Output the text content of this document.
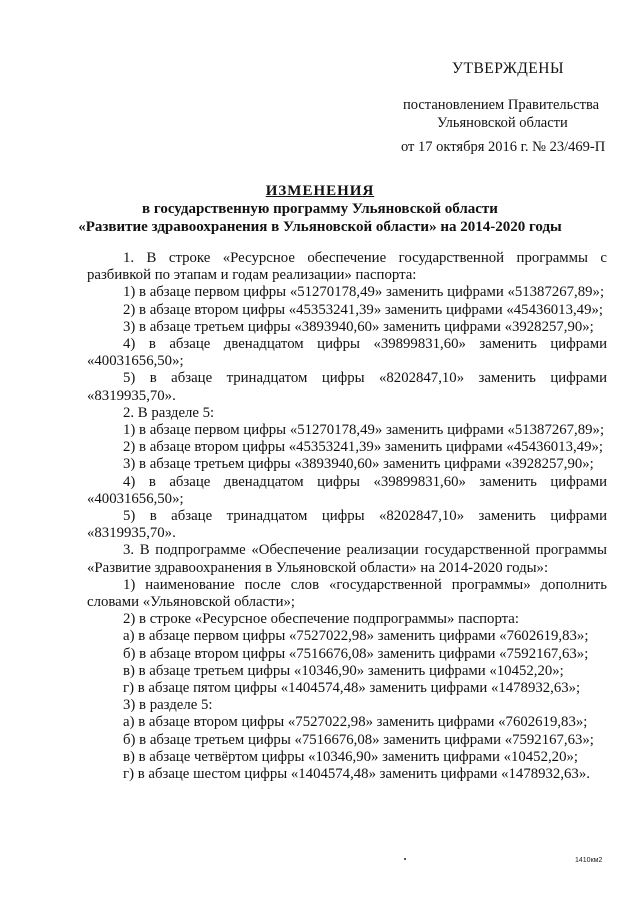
УТВЕРЖДЕНЫ
постановлением Правительства
Ульяновской области
от 17 октября 2016 г. № 23/469-П
ИЗМЕНЕНИЯ
в государственную программу Ульяновской области
«Развитие здравоохранения в Ульяновской области» на 2014-2020 годы

1. В строке «Ресурсное обеспечение государственной программы с разбивкой по этапам и годам реализации» паспорта:

1) в абзаце первом цифры «51270178,49» заменить цифрами «51387267,89»;

2) в абзаце втором цифры «45353241,39» заменить цифрами «45436013,49»;

3) в абзаце третьем цифры «3893940,60» заменить цифрами «3928257,90»;

4) в абзаце двенадцатом цифры «39899831,60» заменить цифрами «40031656,50»;

5) в абзаце тринадцатом цифры «8202847,10» заменить цифрами «8319935,70».

2. В разделе 5:

1) в абзаце первом цифры «51270178,49» заменить цифрами «51387267,89»;

2) в абзаце втором цифры «45353241,39» заменить цифрами «45436013,49»;

3) в абзаце третьем цифры «3893940,60» заменить цифрами «3928257,90»;

4) в абзаце двенадцатом цифры «39899831,60» заменить цифрами «40031656,50»;

5) в абзаце тринадцатом цифры «8202847,10» заменить цифрами «8319935,70».

3. В подпрограмме «Обеспечение реализации государственной программы «Развитие здравоохранения в Ульяновской области» на 2014-2020 годы»:

1) наименование после слов «государственной программы» дополнить словами «Ульяновской области»;

2) в строке «Ресурсное обеспечение подпрограммы» паспорта:

а) в абзаце первом цифры «7527022,98» заменить цифрами «7602619,83»;

б) в абзаце втором цифры «7516676,08» заменить цифрами «7592167,63»;

в) в абзаце третьем цифры «10346,90» заменить цифрами «10452,20»;

г) в абзаце пятом цифры «1404574,48» заменить цифрами «1478932,63»;

3) в разделе 5:

а) в абзаце втором цифры «7527022,98» заменить цифрами «7602619,83»;

б) в абзаце третьем цифры «7516676,08» заменить цифрами «7592167,63»;

в) в абзаце четвёртом цифры «10346,90» заменить цифрами «10452,20»;

г) в абзаце шестом цифры «1404574,48» заменить цифрами «1478932,63».

1410км2
